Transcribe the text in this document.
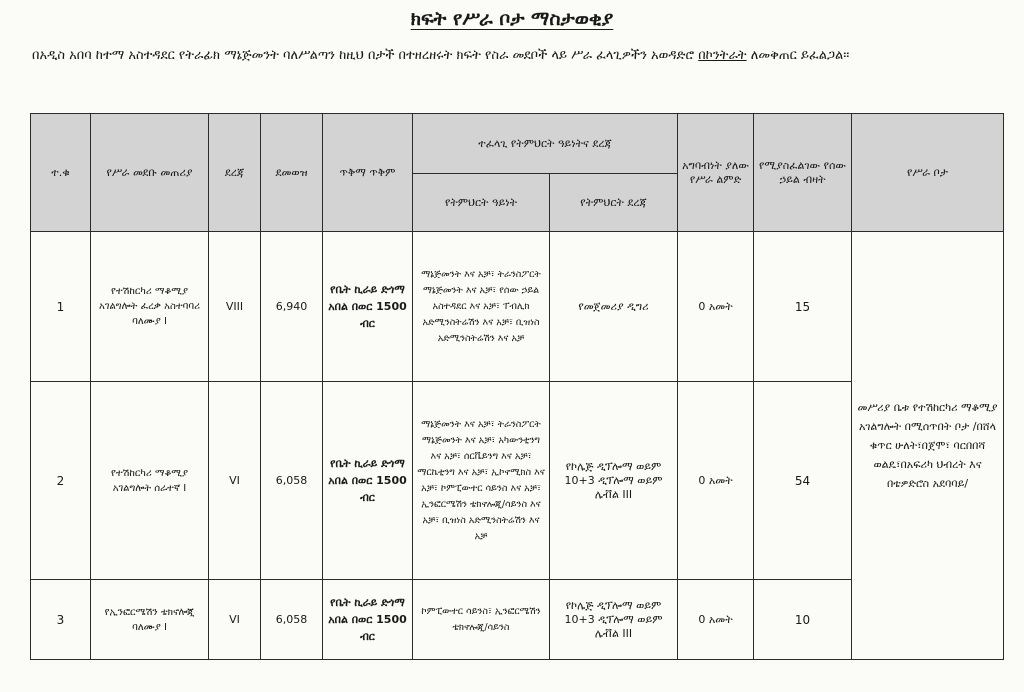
ክፍት የሥራ ቦታ ማስታወቂያ
በአዲስ አበባ ከተማ አስተዳደር የትራፊክ ማኔጅመንት ባለሥልጣን ከዚህ በታች በተዘረዘሩት ክፍት የስራ መደቦች ላይ ሥራ ፈላጊዎችን አወዳድሮ በኮንትራት ለመቅጠር ይፈልጋል፡፡
ተ.ቁ	የሥራ መደቡ መጠሪያ	ደረጃ	ደመወዝ	ጥቅማ ጥቅም	ተፈላጊ የትምህርት ዓይነትና ደረጃ		አግባብነት ያለው የሥራ ልምድ	የሚያስፈልገው የሰው ኃይል ብዛት	የሥራ ቦታ
					የትምህርት ዓይነት	የትምህርት ደረጃ			
1	የተሽከርካሪ ማቆሚያ አገልግሎት ፈረቃ አስተባባሪ ባለሙያ I	VIII	6,940	የቤት ኪራይ ድጎማ አበል በወር 1500 ብር	ማኔጅመንት እና አቻ፣ ትራንስፖርት ማኔጅመንት እና አቻ፣ የሰው ኃይል አስተዳደር እና አቻ፣ ፐብሊክ አድሚንስትሬሽን እና አቻ፣ ቢዝነስ አድሚንስትሬሽን እና አቻ	የመጀመሪያ ዲግሪ	0 አመት	15	መሥሪያ ቤቱ የተሽከርካሪ ማቆሚያ አገልግሎት በሚሰጥበት ቦታ /በሸላ ቁጥር ሁለት፣በጀሞ፣ ባርበበሻ ወልዴ፣በአፍሪካ ህብረት እና በቴዎድሮስ አደባባይ/
2	የተሽከርካሪ ማቆሚያ አገልግሎት ሰራተኛ I	VI	6,058	የቤት ኪራይ ድጎማ አበል በወር 1500 ብር	ማኔጅመንት እና አቻ፣ ትራንስፖርት ማኔጅመንት እና አቻ፣ አካውንቲንግ እና አቻ፣ ሰርቬይንግ እና አቻ፣ ማርኬቲንግ እና አቻ፣ ኢኮኖሚክስ እና አቻ፣ ኮምፒውተር ሳይንስ እና አቻ፣ ኢንፎርሜሽን ቴክኖሎጂ/ሳይንስ እና አቻ፣ ቢዝነስ አድሚንስትሬሽን እና አቻ	የኮሌጅ ዲፕሎማ ወይም 10+3 ዲፕሎማ ወይም ሌቭል III	0 አመት	54	
3	የኢንፎርሜሽን ቴክኖሎጂ ባለሙያ I	VI	6,058	የቤት ኪራይ ድጎማ አበል በወር 1500 ብር	ኮምፒውተር ሳይንስ፣ ኢንፎርሜሽን ቴክኖሎጂ/ሳይንስ	የኮሌጅ ዲፕሎማ ወይም 10+3 ዲፕሎማ ወይም ሌቭል III	0 አመት	10	
